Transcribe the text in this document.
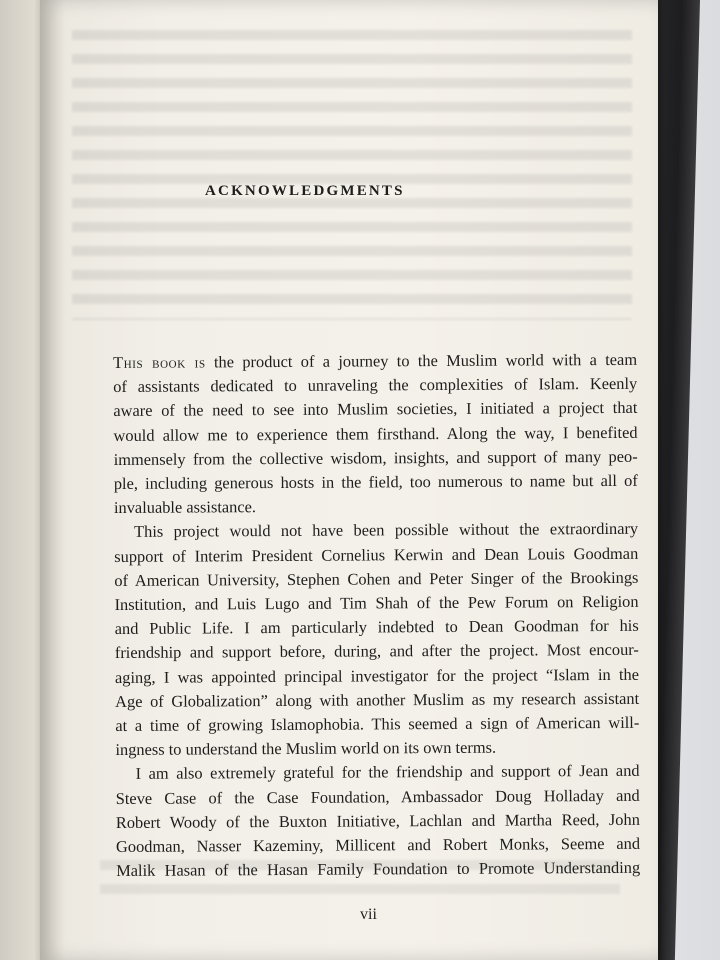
ACKNOWLEDGMENTS
This book is the product of a journey to the Muslim world with a team
of assistants dedicated to unraveling the complexities of Islam. Keenly
aware of the need to see into Muslim societies, I initiated a project that
would allow me to experience them firsthand. Along the way, I benefited
immensely from the collective wisdom, insights, and support of many peo-
ple, including generous hosts in the field, too numerous to name but all of
invaluable assistance.
This project would not have been possible without the extraordinary
support of Interim President Cornelius Kerwin and Dean Louis Goodman
of American University, Stephen Cohen and Peter Singer of the Brookings
Institution, and Luis Lugo and Tim Shah of the Pew Forum on Religion
and Public Life. I am particularly indebted to Dean Goodman for his
friendship and support before, during, and after the project. Most encour-
aging, I was appointed principal investigator for the project “Islam in the
Age of Globalization” along with another Muslim as my research assistant
at a time of growing Islamophobia. This seemed a sign of American will-
ingness to understand the Muslim world on its own terms.
I am also extremely grateful for the friendship and support of Jean and
Steve Case of the Case Foundation, Ambassador Doug Holladay and
Robert Woody of the Buxton Initiative, Lachlan and Martha Reed, John
Goodman, Nasser Kazeminy, Millicent and Robert Monks, Seeme and
Malik Hasan of the Hasan Family Foundation to Promote Understanding
vii
